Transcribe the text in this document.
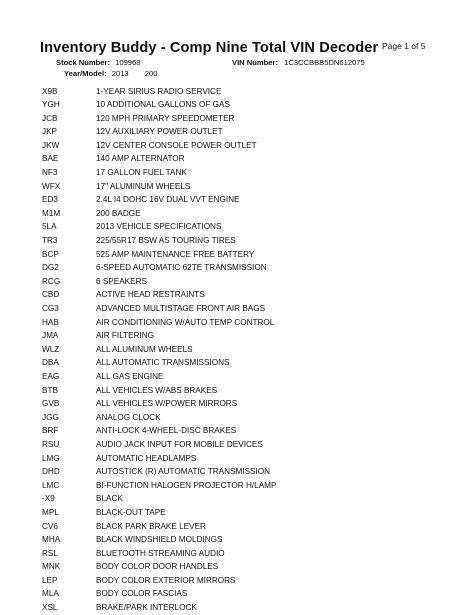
Inventory Buddy - Comp Nine Total VIN Decoder Page 1 of 5
Stock Number: 109968	VIN Number: 1C3CCBBB5DN612075
Year/Model: 2013 200
X9B	1-YEAR SIRIUS RADIO SERVICE
YGH	10 ADDITIONAL GALLONS OF GAS
JCB	120 MPH PRIMARY SPEEDOMETER
JKP	12V AUXILIARY POWER OUTLET
JKW	12V CENTER CONSOLE POWER OUTLET
BAE	140 AMP ALTERNATOR
NF3	17 GALLON FUEL TANK
WFX	17" ALUMINUM WHEELS
ED3	2.4L I4 DOHC 16V DUAL VVT ENGINE
M1M	200 BADGE
5LA	2013 VEHICLE SPECIFICATIONS
TR3	225/55R17 BSW AS TOURING TIRES
BCP	525 AMP MAINTENANCE FREE BATTERY
DG2	6-SPEED AUTOMATIC 62TE TRANSMISSION
RCG	6 SPEAKERS
CBD	ACTIVE HEAD RESTRAINTS
CG3	ADVANCED MULTISTAGE FRONT AIR BAGS
HAB	AIR CONDITIONING W/AUTO TEMP CONTROL
JMA	AIR FILTERING
WLZ	ALL ALUMINUM WHEELS
DBA	ALL AUTOMATIC TRANSMISSIONS
EAG	ALL GAS ENGINE
BTB	ALL VEHICLES W/ABS BRAKES
GVB	ALL VEHICLES W/POWER MIRRORS
JGG	ANALOG CLOCK
BRF	ANTI-LOCK 4-WHEEL-DISC BRAKES
RSU	AUDIO JACK INPUT FOR MOBILE DEVICES
LMG	AUTOMATIC HEADLAMPS
DHD	AUTOSTICK (R) AUTOMATIC TRANSMISSION
LMC	BI-FUNCTION HALOGEN PROJECTOR H/LAMP
-X9	BLACK
MPL	BLACK-OUT TAPE
CV6	BLACK PARK BRAKE LEVER
MHA	BLACK WINDSHIELD MOLDINGS
RSL	BLUETOOTH STREAMING AUDIO
MNK	BODY COLOR DOOR HANDLES
LEP	BODY COLOR EXTERIOR MIRRORS
MLA	BODY COLOR FASCIAS
XSL	BRAKE/PARK INTERLOCK
